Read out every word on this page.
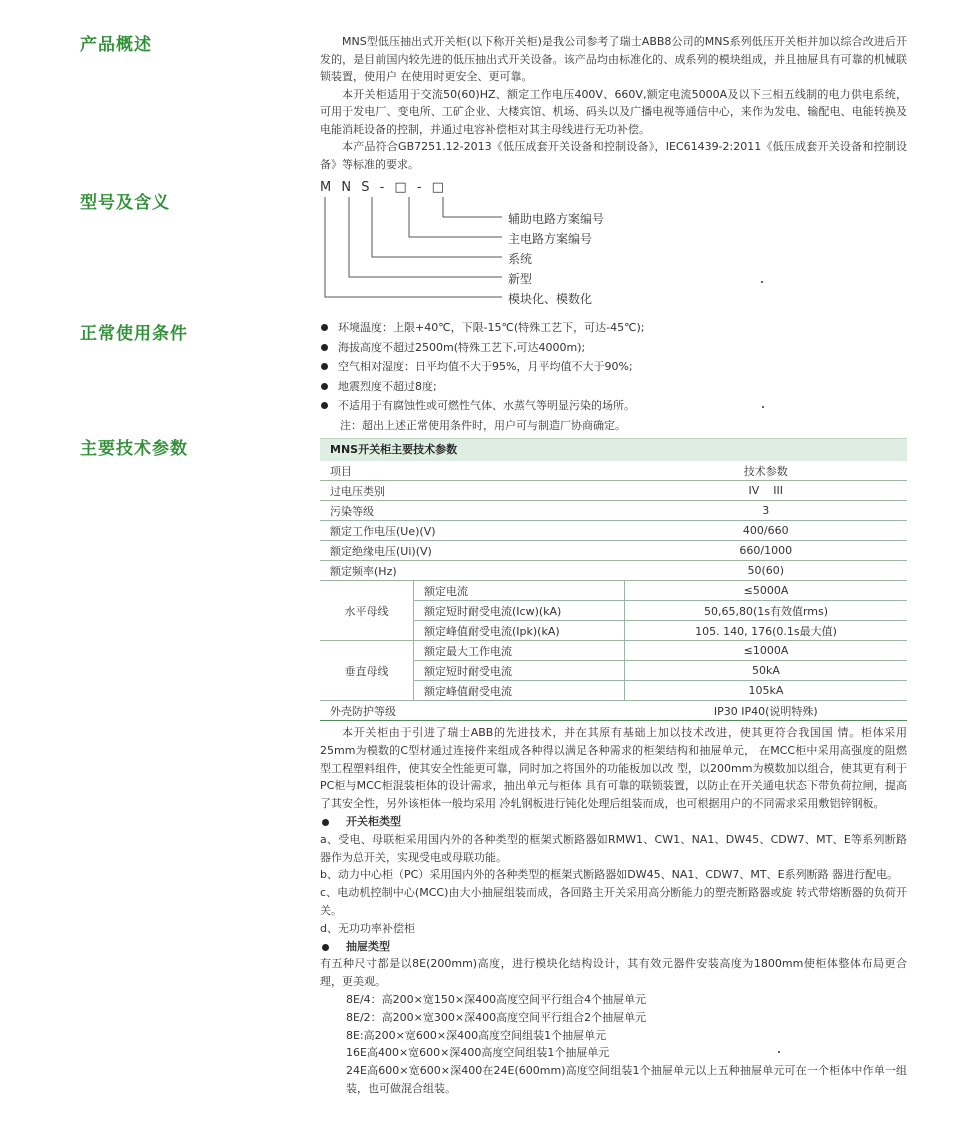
产品概述
型号及含义
正常使用条件
主要技术参数

MNS型低压抽出式开关柜(以下称开关柜)是我公司参考了瑞士ABB8公司的MNS系列低压开关柜并加以综合改进后开发的，是目前国内较先进的低压抽出式开关设备。该产品均由标准化的、成系列的模块组成，并且抽屉具有可靠的机械联锁装置，使用户 在使用时更安全、更可靠。

本开关柜适用于交流50(60)HZ、额定工作电压400V、660V,额定电流5000A及以下三相五线制的电力供电系统，可用于发电厂、变电所、工矿企业、大楼宾馆、机场、码头以及广播电视等通信中心，来作为发电、输配电、电能转换及电能消耗设备的控制，并通过电容补偿柜对其主母线进行无功补偿。

本产品符合GB7251.12-2013《低压成套开关设备和控制设备》，IEC61439-2:2011《低压成套开关设备和控制设备》等标准的要求。

M N S - □ - □
辅助电路方案编号
主电路方案编号
系统
新型
模块化、模数化
环境温度：上限+40℃，下限-15℃(特殊工艺下，可达-45℃);
海拔高度不超过2500m(特殊工艺下,可达4000m);
空气相对湿度：日平均值不大于95%，月平均值不大于90%;
地震烈度不超过8度;
不适用于有腐蚀性或可燃性气体、水蒸气等明显污染的场所。
注：超出上述正常使用条件时，用户可与制造厂协商确定。
MNS开关柜主要技术参数
项目		技术参数
过电压类别		IV    III
污染等级		3
额定工作电压(Ue)(V)		400/660
额定绝缘电压(Ui)(V)		660/1000
额定频率(Hz)		50(60)
水平母线	额定电流	≤5000A
	额定短时耐受电流(Icw)(kA)	50,65,80(1s有效值rms)
	额定峰值耐受电流(Ipk)(kA)	105. 140, 176(0.1s最大值)
垂直母线	额定最大工作电流	≤1000A
	额定短时耐受电流	50kA
	额定峰值耐受电流	105kA
外壳防护等级		IP30 IP40(说明特殊)

本开关柜由于引进了瑞士ABB的先进技术，并在其原有基础上加以技术改进，使其更符合我国国 情。柜体采用25mm为模数的C型材通过连接件来组成各种得以满足各种需求的柜架结构和抽屉单元， 在MCC柜中采用高强度的阻燃型工程塑料组件，使其安全性能更可靠，同时加之将国外的功能板加以改 型，以200mm为模数加以组合，使其更有利于PC柜与MCC柜混装柜体的设计需求，抽出单元与柜体 具有可靠的联锁装置，以防止在开关通电状态下带负荷拉闸，提高了其安全性，另外该柜体一般均采用 冷轧钢板进行钝化处理后组装而成，也可根据用户的不同需求采用敷铝锌钢板。

开关柜类型

a、受电、母联柜采用国内外的各种类型的框架式断路器如RMW1、CW1、NA1、DW45、CDW7、MT、E等系列断路器作为总开关，实现受电或母联功能。

b、动力中心柜（PC）采用国内外的各种类型的框架式断路器如DW45、NA1、CDW7、MT、E系列断路 器进行配电。

c、电动机控制中心(MCC)由大小抽屉组装而成，各回路主开关采用高分断能力的塑壳断路器或旋 转式带熔断器的负荷开关。

d、无功功率补偿柜

抽屉类型

有五种尺寸都是以8E(200mm)高度，进行模块化结构设计，其有效元器件安装高度为1800mm使柜体整体布局更合理，更美观。

8E/4：高200×宽150×深400高度空间平行组合4个抽屉单元

8E/2：高200×宽300×深400高度空间平行组合2个抽屉单元

8E:高200×宽600×深400高度空间组装1个抽屉单元

16E高400×宽600×深400高度空间组装1个抽屉单元

24E高600×宽600×深400在24E(600mm)高度空间组装1个抽屉单元以上五种抽屉单元可在一个柜体中作单一组装，也可做混合组装。
